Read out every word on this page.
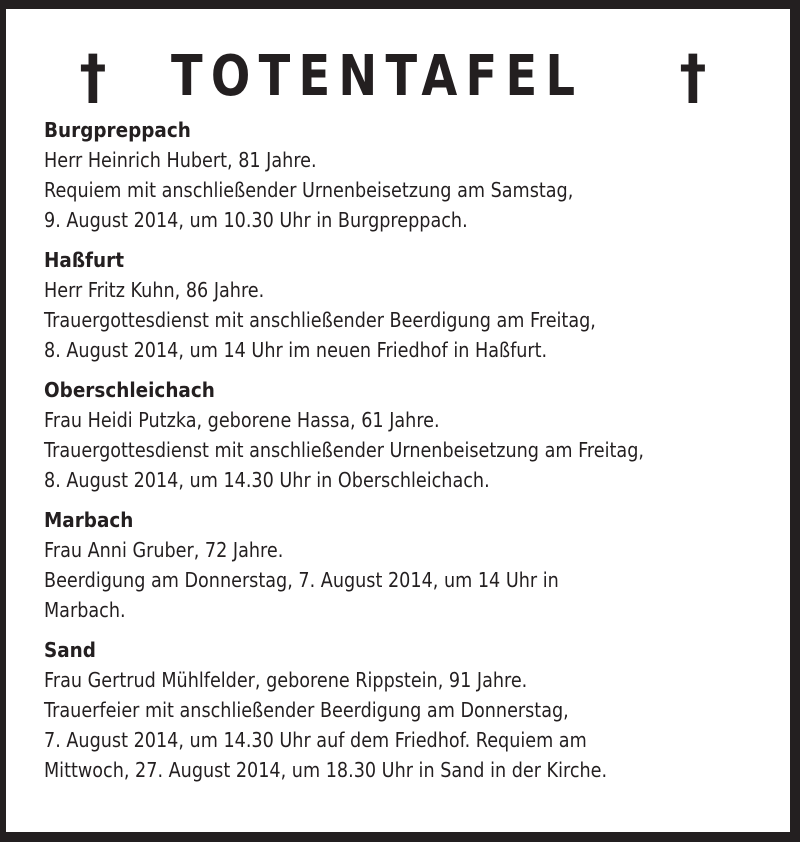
† TOTENTAFEL †
Burgpreppach
Herr Heinrich Hubert, 81 Jahre.
Requiem mit anschließender Urnenbeisetzung am Samstag,
9. August 2014, um 10.30 Uhr in Burgpreppach.
Haßfurt
Herr Fritz Kuhn, 86 Jahre.
Trauergottesdienst mit anschließender Beerdigung am Freitag,
8. August 2014, um 14 Uhr im neuen Friedhof in Haßfurt.
Oberschleichach
Frau Heidi Putzka, geborene Hassa, 61 Jahre.
Trauergottesdienst mit anschließender Urnenbeisetzung am Freitag,
8. August 2014, um 14.30 Uhr in Oberschleichach.
Marbach
Frau Anni Gruber, 72 Jahre.
Beerdigung am Donnerstag, 7. August 2014, um 14 Uhr in
Marbach.
Sand
Frau Gertrud Mühlfelder, geborene Rippstein, 91 Jahre.
Trauerfeier mit anschließender Beerdigung am Donnerstag,
7. August 2014, um 14.30 Uhr auf dem Friedhof. Requiem am
Mittwoch, 27. August 2014, um 18.30 Uhr in Sand in der Kirche.
